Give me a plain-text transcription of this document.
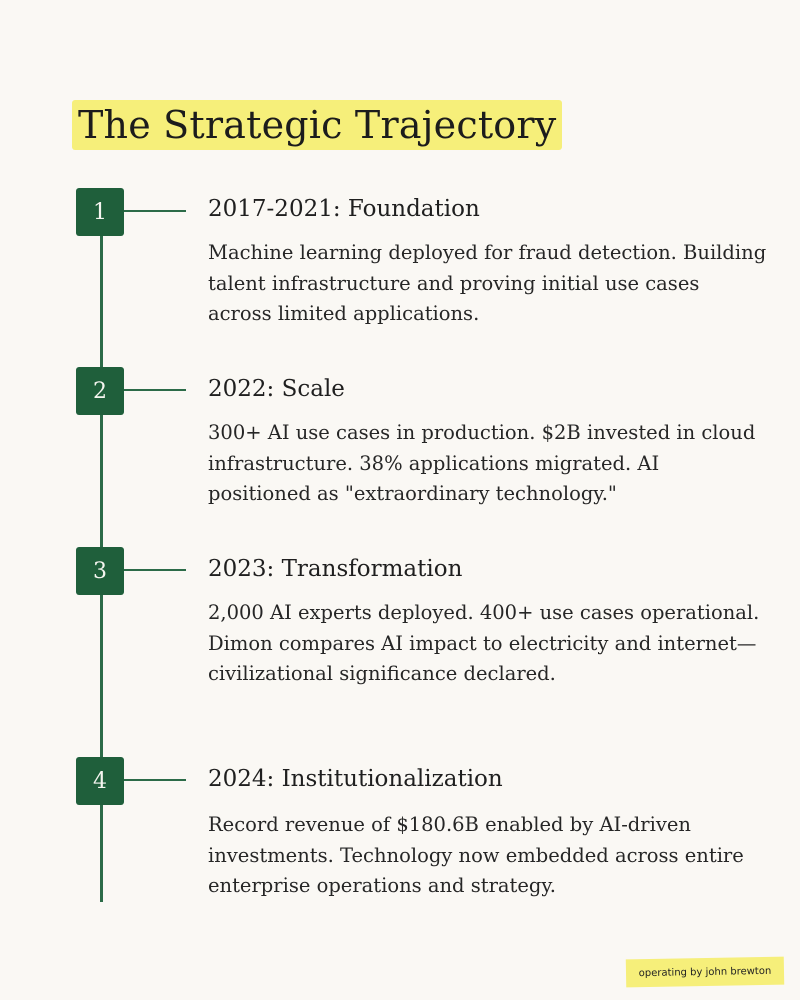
The Strategic Trajectory
1	2017-2021: Foundation
Machine learning deployed for fraud detection. Building talent infrastructure and proving initial use cases across limited applications.
2	2022: Scale
300+ AI use cases in production. $2B invested in cloud infrastructure. 38% applications migrated. AI positioned as "extraordinary technology."
3	2023: Transformation
2,000 AI experts deployed. 400+ use cases operational. Dimon compares AI impact to electricity and internet—civilizational significance declared.
4	2024: Institutionalization
Record revenue of $180.6B enabled by AI-driven investments. Technology now embedded across entire enterprise operations and strategy.
operating by john brewton
